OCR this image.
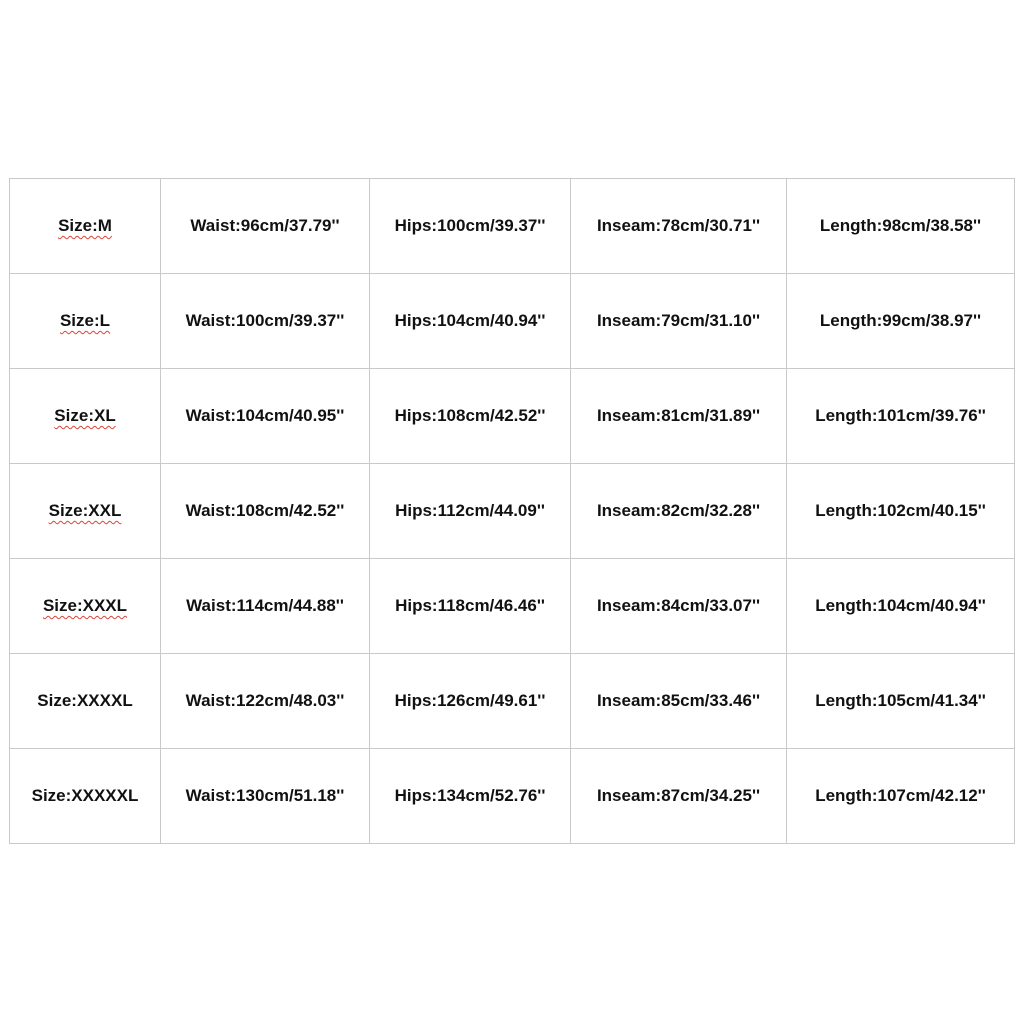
Size:M	Waist:96cm/37.79''	Hips:100cm/39.37''	Inseam:78cm/30.71''	Length:98cm/38.58''
Size:L	Waist:100cm/39.37''	Hips:104cm/40.94''	Inseam:79cm/31.10''	Length:99cm/38.97''
Size:XL	Waist:104cm/40.95''	Hips:108cm/42.52''	Inseam:81cm/31.89''	Length:101cm/39.76''
Size:XXL	Waist:108cm/42.52''	Hips:112cm/44.09''	Inseam:82cm/32.28''	Length:102cm/40.15''
Size:XXXL	Waist:114cm/44.88''	Hips:118cm/46.46''	Inseam:84cm/33.07''	Length:104cm/40.94''
Size:XXXXL	Waist:122cm/48.03''	Hips:126cm/49.61''	Inseam:85cm/33.46''	Length:105cm/41.34''
Size:XXXXXL	Waist:130cm/51.18''	Hips:134cm/52.76''	Inseam:87cm/34.25''	Length:107cm/42.12''
